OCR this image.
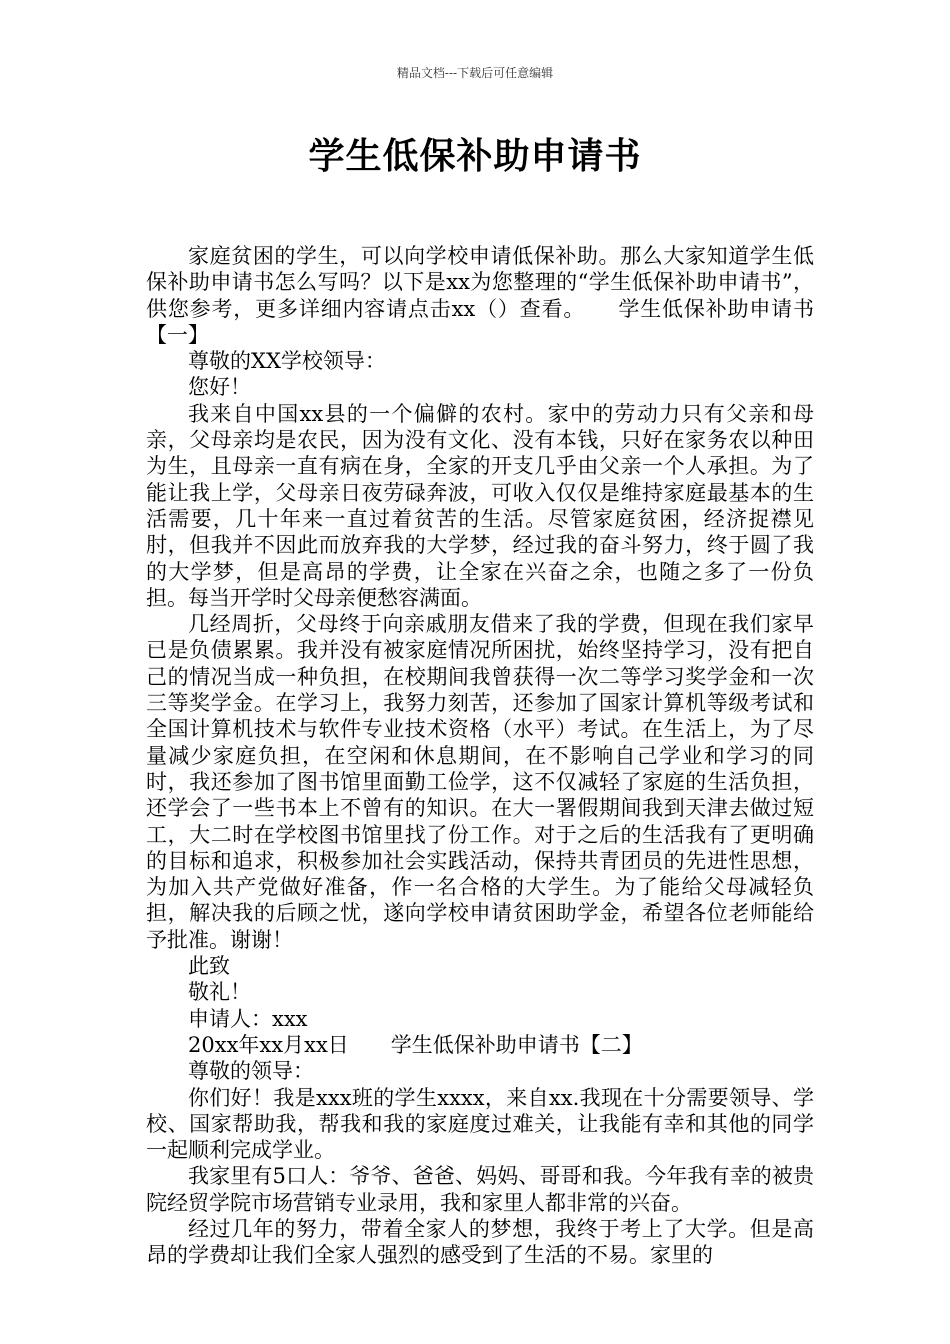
精品文档---下载后可任意编辑
学生低保补助申请书

家庭贫困的学生，可以向学校申请低保补助。那么大家知道学生低保补助申请书怎么写吗？以下是xx为您整理的“学生低保补助申请书”，供您参考，更多详细内容请点击xx（）查看。　　学生低保补助申请书【一】

尊敬的XX学校领导：

您好！

我来自中国xx县的一个偏僻的农村。家中的劳动力只有父亲和母亲，父母亲均是农民，因为没有文化、没有本钱，只好在家务农以种田为生，且母亲一直有病在身，全家的开支几乎由父亲一个人承担。为了能让我上学，父母亲日夜劳碌奔波，可收入仅仅是维持家庭最基本的生活需要，几十年来一直过着贫苦的生活。尽管家庭贫困，经济捉襟见肘，但我并不因此而放弃我的大学梦，经过我的奋斗努力，终于圆了我的大学梦，但是高昂的学费，让全家在兴奋之余，也随之多了一份负担。每当开学时父母亲便愁容满面。

几经周折，父母终于向亲戚朋友借来了我的学费，但现在我们家早已是负债累累。我并没有被家庭情况所困扰，始终坚持学习，没有把自己的情况当成一种负担，在校期间我曾获得一次二等学习奖学金和一次三等奖学金。在学习上，我努力刻苦，还参加了国家计算机等级考试和全国计算机技术与软件专业技术资格（水平）考试。在生活上，为了尽量减少家庭负担，在空闲和休息期间，在不影响自己学业和学习的同时，我还参加了图书馆里面勤工俭学，这不仅减轻了家庭的生活负担，还学会了一些书本上不曾有的知识。在大一署假期间我到天津去做过短工，大二时在学校图书馆里找了份工作。对于之后的生活我有了更明确的目标和追求，积极参加社会实践活动，保持共青团员的先进性思想，为加入共产党做好准备，作一名合格的大学生。为了能给父母减轻负担，解决我的后顾之忧，遂向学校申请贫困助学金，希望各位老师能给予批准。谢谢！

此致

敬礼！

申请人：xxx

20xx年xx月xx日　　学生低保补助申请书【二】

尊敬的领导：

你们好！我是xxx班的学生xxxx，来自xx.我现在十分需要领导、学校、国家帮助我，帮我和我的家庭度过难关，让我能有幸和其他的同学一起顺利完成学业。

我家里有5口人：爷爷、爸爸、妈妈、哥哥和我。今年我有幸的被贵院经贸学院市场营销专业录用，我和家里人都非常的兴奋。

经过几年的努力，带着全家人的梦想，我终于考上了大学。但是高昂的学费却让我们全家人强烈的感受到了生活的不易。家里的
